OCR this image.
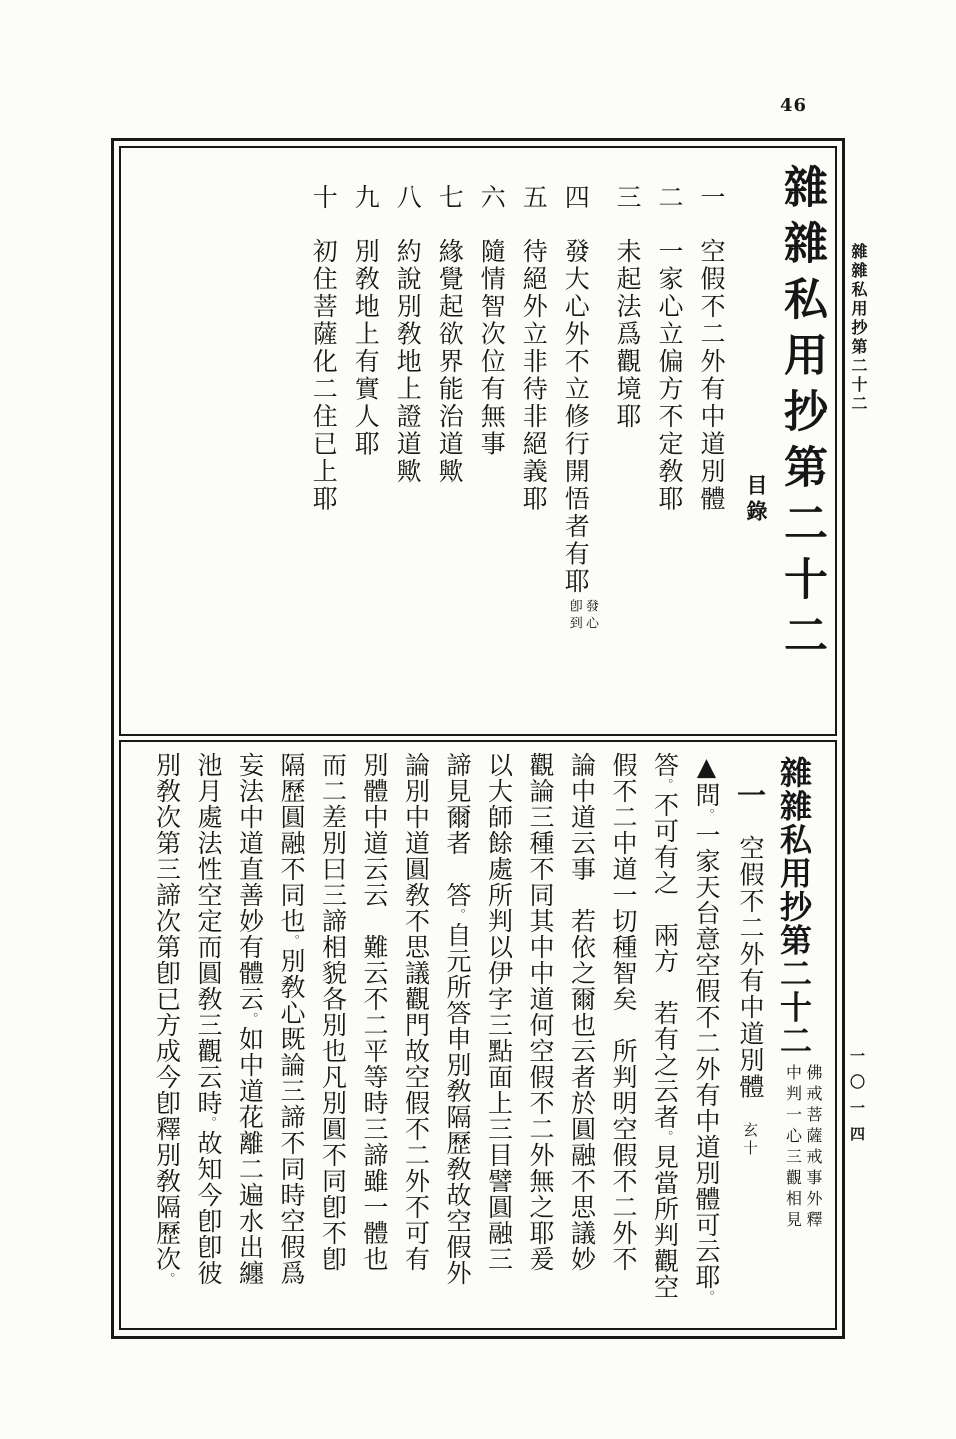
46
雜雜私用抄第二十二
一〇一四
雜雜私用抄第二十二
目錄
一空假不二外有中道別體
二一家心立偏方不定敎耶
三未起法爲觀境耶
四發大心外不立修行開悟者有耶發心卽到
五待絕外立非待非絕義耶
六隨情智次位有無事
七緣覺起欲界能治道歟
八約說別敎地上證道歟
九別敎地上有實人耶
十初住菩薩化二住已上耶
雜雜私用抄第二十二佛戒菩薩戒事外釋中判一心三觀相見
一空假不二外有中道別體玄十
▲問。一家天台意空假不二外有中道別體可云耶。
答。不可有之　兩方　若有之云者。見當所判觀空
假不二中道一切種智矣　所判明空假不二外不
論中道云事　若依之爾也云者於圓融不思議妙
觀論三種不同其中中道何空假不二外無之耶爰
以大師餘處所判以伊字三點面上三目譬圓融三
諦見爾者　答。自元所答申別敎隔歷敎故空假外
論別中道圓敎不思議觀門故空假不二外不可有
別體中道云云　難云不二平等時三諦雖一體也
而二差別曰三諦相貌各別也凡別圓不同卽不卽
隔歷圓融不同也。別敎心既論三諦不同時空假爲
妄法中道直善妙有體云。如中道花離二遍水出纏
池月處法性空定而圓敎三觀云時。故知今卽卽彼
別敎次第三諦次第卽已方成今卽釋別敎隔歷次。
